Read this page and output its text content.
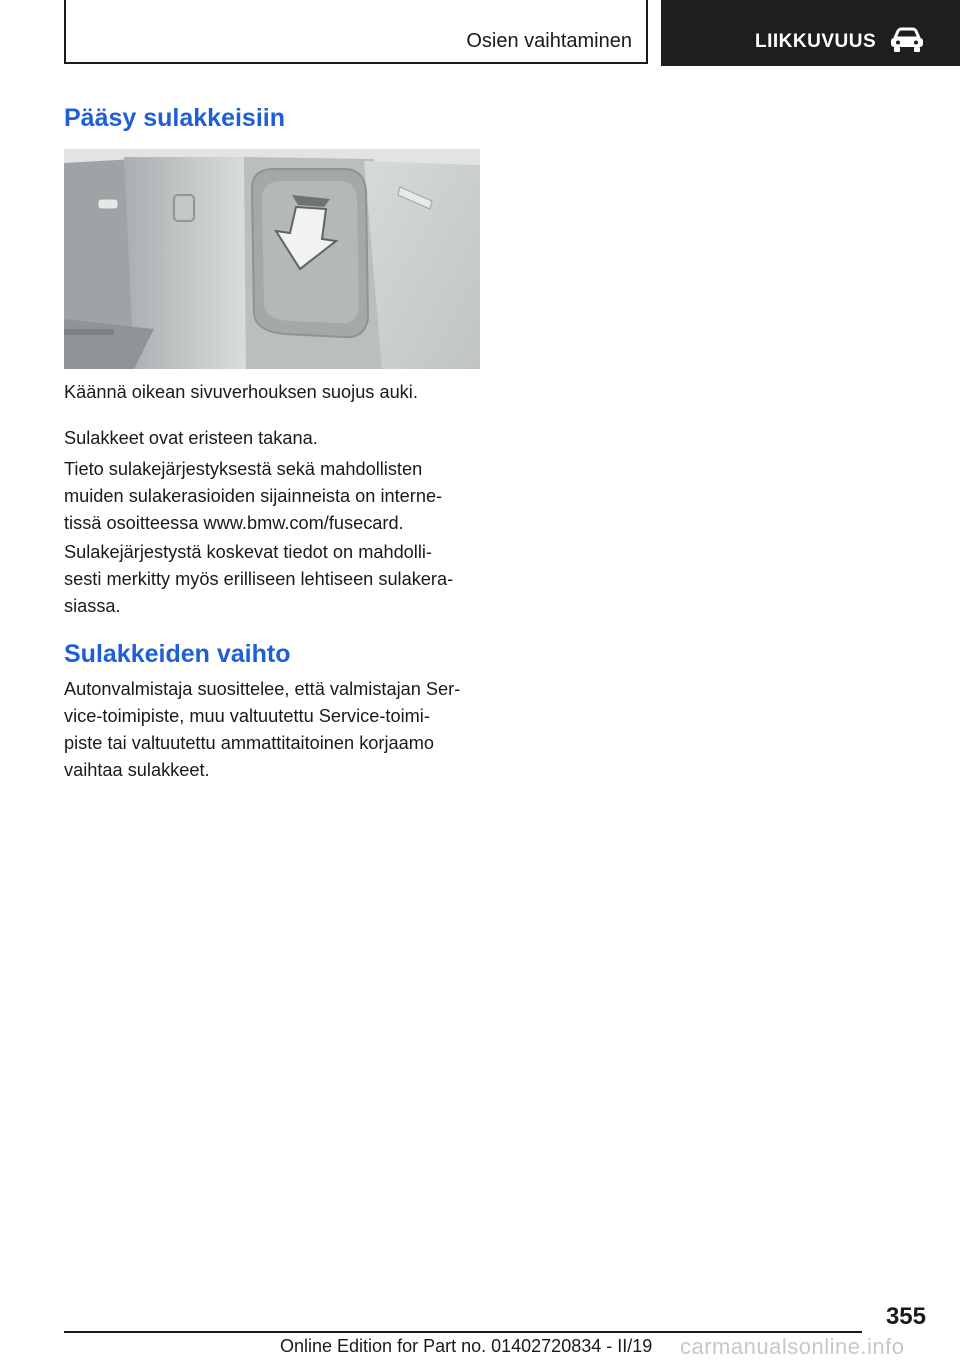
Osien vaihtaminen	LIIKKUVUUS
Pääsy sulakkeisiin

Käännä oikean sivuverhouksen suojus auki.

Sulakkeet ovat eristeen takana.

Tieto sulakejärjestyksestä sekä mahdollisten
muiden sulakerasioiden sijainneista on interne-
tissä osoitteessa www.bmw.com/fusecard.

Sulakejärjestystä koskevat tiedot on mahdolli-
sesti merkitty myös erilliseen lehtiseen sulakera-
siassa.

Sulakkeiden vaihto

Autonvalmistaja suosittelee, että valmistajan Ser-
vice-toimipiste, muu valtuutettu Service-toimi-
piste tai valtuutettu ammattitaitoinen korjaamo
vaihtaa sulakkeet.

355
Online Edition for Part no. 01402720834 - II/19 carmanualsonline.info
